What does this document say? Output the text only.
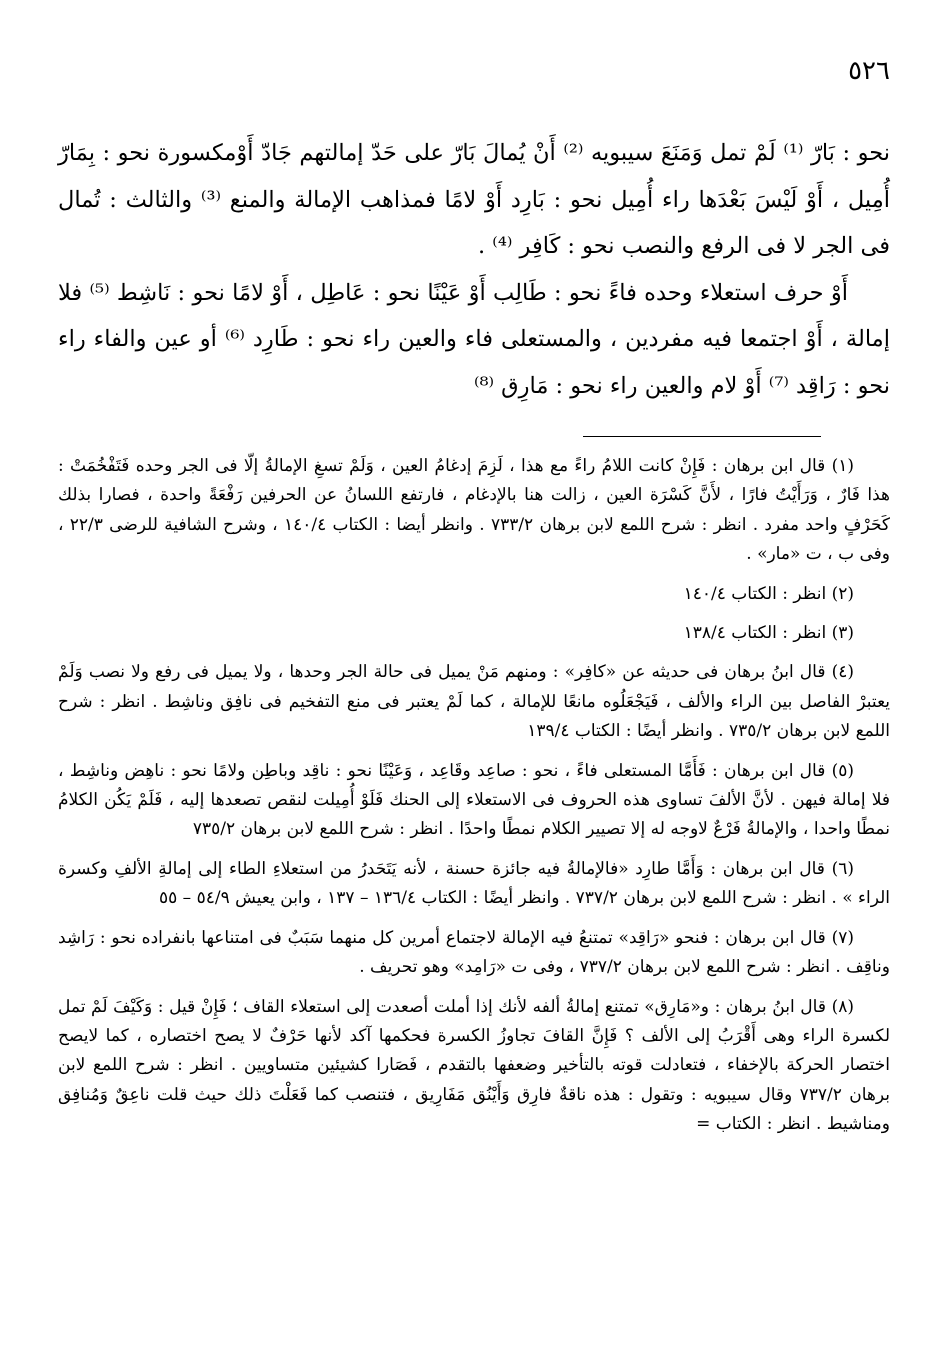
٥٢٦

نحو : بَارّ ⁽¹⁾ لَمْ تمل وَمَنَعَ سيبويه ⁽²⁾ أَنْ يُمالَ بَارّ على حَدّ إمالتهم جَادّ أَوْمكسورة نحو : بِمَارّ أُمِيل ، أَوْ لَيْسَ بَعْدَها راء أُمِيل نحو : بَارِد أَوْ لامًا فمذاهب الإمالة والمنع ⁽³⁾ والثالث : تُمال فى الجر لا فى الرفع والنصب نحو : كَافِر ⁽⁴⁾ .

أَوْ حرف استعلاء وحده فاءً نحو : طَالِب أَوْ عَيْنًا نحو : عَاطِل ، أَوْ لامًا نحو : نَاشِط ⁽⁵⁾ فلا إمالة ، أَوْ اجتمعا فيه مفردين ، والمستعلى فاء والعين راء نحو : طَارِد ⁽⁶⁾ أو عين والفاء راء نحو : رَاقِد ⁽⁷⁾ أَوْ لام والعين راء نحو : مَارِق ⁽⁸⁾

(١) قال ابن برهان : فَإِنْ كانت اللامُ راءً مع هذا ، لَزِمَ إدغامُ العين ، وَلَمْ تسغِ الإمالةُ إلّا فى الجر وحده فَتَفْخُمَتْ : هذا فَارٌ ، وَرَأَيْتُ فارًا ، لأَنَّ كَسْرَة العين ، زالت هنا بالإدغام ، فارتفع اللسانُ عن الحرفين رَفْعَةً واحدة ، فصارا بذلك كَحَرْفٍ واحد مفرد . انظر : شرح اللمع لابن برهان ٧٣٣/٢ . وانظر أيضا : الكتاب ١٤٠/٤ ، وشرح الشافية للرضى ٢٢/٣ ، وفى ب ، ت «مار» .

(٢) انظر : الكتاب ١٤٠/٤

(٣) انظر : الكتاب ١٣٨/٤

(٤) قال ابنُ برهان فى حديثه عن «كافِر» : ومنهم مَنْ يميل فى حالة الجر وحدها ، ولا يميل فى رفع ولا نصب وَلَمْ يعتبرْ الفاصل بين الراء والألف ، فَيَجْعَلُوه مانعًا للإمالة ، كما لَمْ يعتبر فى منع التفخيم فى نافِق وناشِط . انظر : شرح اللمع لابن برهان ٧٣٥/٢ . وانظر أيضًا : الكتاب ١٣٩/٤

(٥) قال ابن برهان : فَأَمَّا المستعلى فاءً ، نحو : صاعِد وقَاعِد ، وَعَيْنًا نحو : ناقِد وباطِن ولامًا نحو : ناهِض وناشِط ، فلا إمالة فيهن . لأنَّ الألفَ تساوى هذه الحروف فى الاستعلاء إلى الحنك فَلَوْ أُمِيلت لنقص تصعدها إليه ، فَلَمْ يَكُن الكلامُ نمطًا واحدا ، والإمالةُ فَرْعٌ لاوجه له إلا تصيير الكلام نمطًا واحدًا . انظر : شرح اللمع لابن برهان ٧٣٥/٢

(٦) قال ابن برهان : وَأَمَّا طارِد «فالإمالةُ فيه جائزة حسنة ، لأنه يَتَحَدرُ من استعلاءِ الطاء إلى إمالةِ الألفِ وكسرة الراء » . انظر : شرح اللمع لابن برهان ٧٣٧/٢ . وانظر أيضًا : الكتاب ١٣٦/٤ – ١٣٧ ، وابن يعيش ٥٤/٩ – ٥٥

(٧) قال ابن برهان : فنحو «رَاقِد» تمتنعُ فيه الإمالة لاجتماع أمرين كل منهما سَبَبٌ فى امتناعها بانفراده نحو : رَاشِد وناقِف . انظر : شرح اللمع لابن برهان ٧٣٧/٢ ، وفى ت «رَامِد» وهو تحريف .

(٨) قال ابنُ برهان : و«مَارِق» تمتنع إمالةُ ألفه لأنك إذا أملت أصعدت إلى استعلاء القاف ؛ فَإِنْ قيل : وَكَيْفَ لَمْ تمل لكسرة الراء وهى أَقْرَبُ إلى الألف ؟ فَإِنَّ القافَ تجاوزُ الكسرة فحكمها آكد لأنها حَرْفٌ لا يصح اختصاره ، كما لايصح اختصار الحركة بالإخفاء ، فتعادلت قوته بالتأخير وضعفها بالتقدم ، فَصَارا كشيئين متساويين . انظر : شرح اللمع لابن برهان ٧٣٧/٢ وقال سيبويه : وتقول : هذه ناقةٌ فارِق وَأَيْنُق مَفَارِيق ، فتنصب كما فَعَلْتَ ذلك حيث قلت ناعِقٌ وَمُنافِق ومناشيط . انظر : الكتاب =
